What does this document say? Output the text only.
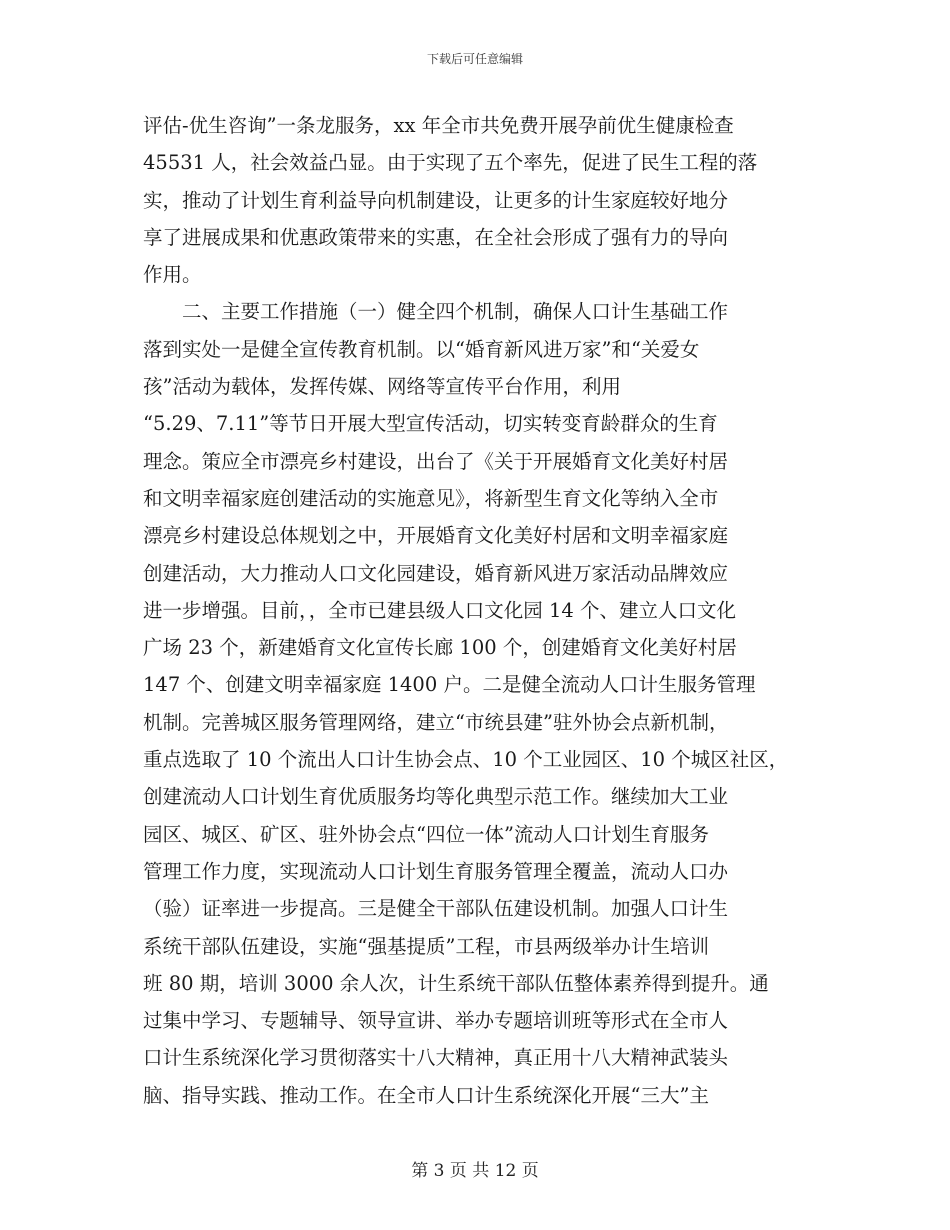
下载后可任意编辑
评估-优生咨询”一条龙服务，xx 年全市共免费开展孕前优生健康检查
45531 人，社会效益凸显。由于实现了五个率先，促进了民生工程的落
实，推动了计划生育利益导向机制建设，让更多的计生家庭较好地分
享了进展成果和优惠政策带来的实惠，在全社会形成了强有力的导向
作用。
　　二、主要工作措施（一）健全四个机制，确保人口计生基础工作
落到实处一是健全宣传教育机制。以“婚育新风进万家”和“关爱女
孩”活动为载体，发挥传媒、网络等宣传平台作用，利用
“5.29、7.11”等节日开展大型宣传活动，切实转变育龄群众的生育
理念。策应全市漂亮乡村建设，出台了《关于开展婚育文化美好村居
和文明幸福家庭创建活动的实施意见》，将新型生育文化等纳入全市
漂亮乡村建设总体规划之中，开展婚育文化美好村居和文明幸福家庭
创建活动，大力推动人口文化园建设，婚育新风进万家活动品牌效应
进一步增强。目前，，全市已建县级人口文化园 14 个、建立人口文化
广场 23 个，新建婚育文化宣传长廊 100 个，创建婚育文化美好村居
147 个、创建文明幸福家庭 1400 户。二是健全流动人口计生服务管理
机制。完善城区服务管理网络，建立“市统县建”驻外协会点新机制，
重点选取了 10 个流出人口计生协会点、10 个工业园区、10 个城区社区，
创建流动人口计划生育优质服务均等化典型示范工作。继续加大工业
园区、城区、矿区、驻外协会点“四位一体”流动人口计划生育服务
管理工作力度，实现流动人口计划生育服务管理全覆盖，流动人口办
（验）证率进一步提高。三是健全干部队伍建设机制。加强人口计生
系统干部队伍建设，实施“强基提质”工程，市县两级举办计生培训
班 80 期，培训 3000 余人次，计生系统干部队伍整体素养得到提升。通
过集中学习、专题辅导、领导宣讲、举办专题培训班等形式在全市人
口计生系统深化学习贯彻落实十八大精神，真正用十八大精神武装头
脑、指导实践、推动工作。在全市人口计生系统深化开展“三大”主
第 3 页 共 12 页
